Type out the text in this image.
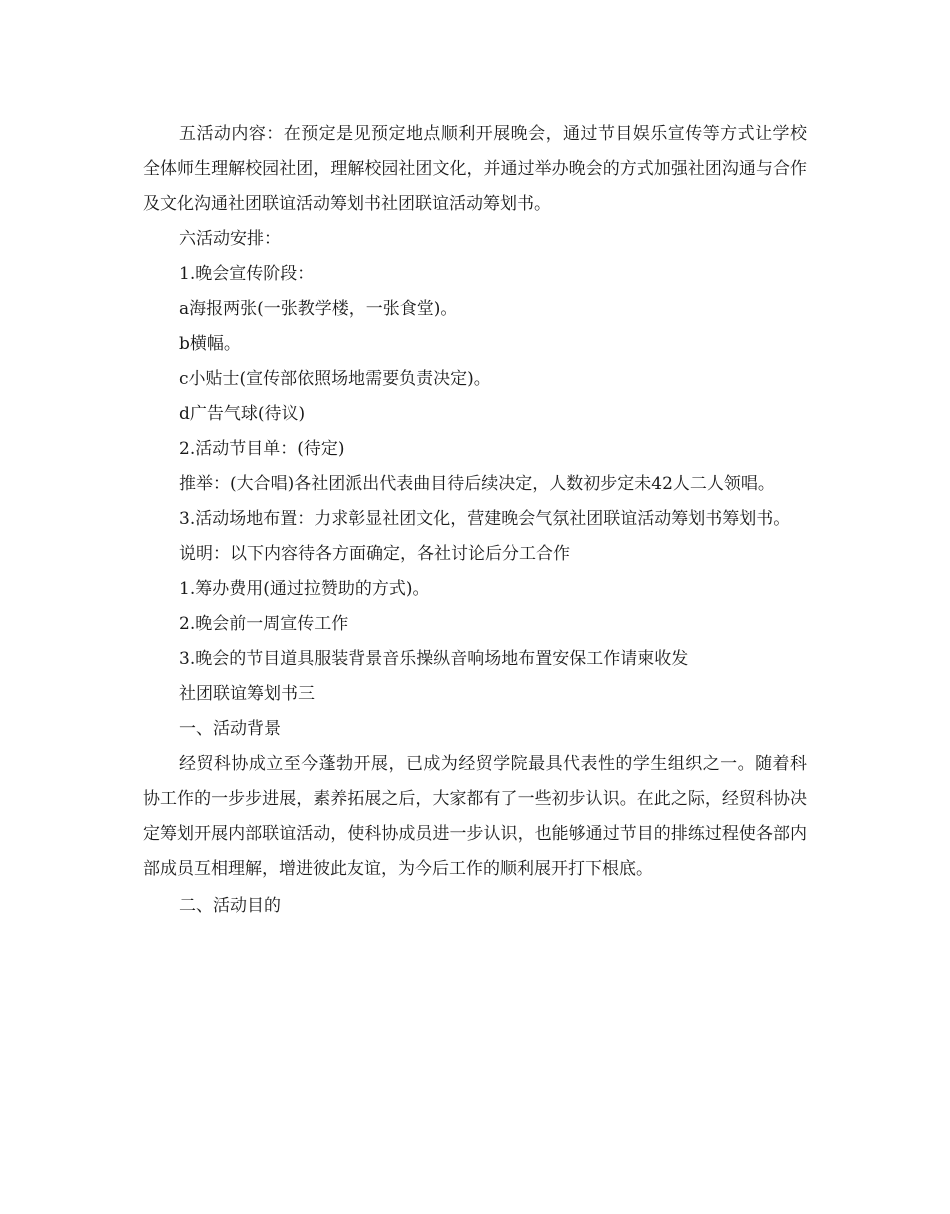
五活动内容：在预定是见预定地点顺利开展晚会，通过节目娱乐宣传等方式让学校全体师生理解校园社团，理解校园社团文化，并通过举办晚会的方式加强社团沟通与合作及文化沟通社团联谊活动筹划书社团联谊活动筹划书。

六活动安排：

1.晚会宣传阶段：

a海报两张(一张教学楼，一张食堂)。

b横幅。

c小贴士(宣传部依照场地需要负责决定)。

d广告气球(待议)

2.活动节目单：(待定)

推举：(大合唱)各社团派出代表曲目待后续决定，人数初步定未42人二人领唱。

3.活动场地布置：力求彰显社团文化，营建晚会气氛社团联谊活动筹划书筹划书。

说明：以下内容待各方面确定，各社讨论后分工合作

1.筹办费用(通过拉赞助的方式)。

2.晚会前一周宣传工作

3.晚会的节目道具服装背景音乐操纵音响场地布置安保工作请柬收发

社团联谊筹划书三

一、活动背景

经贸科协成立至今蓬勃开展，已成为经贸学院最具代表性的学生组织之一。随着科协工作的一步步进展，素养拓展之后，大家都有了一些初步认识。在此之际，经贸科协决定筹划开展内部联谊活动，使科协成员进一步认识，也能够通过节目的排练过程使各部内部成员互相理解，增进彼此友谊，为今后工作的顺利展开打下根底。

二、活动目的
